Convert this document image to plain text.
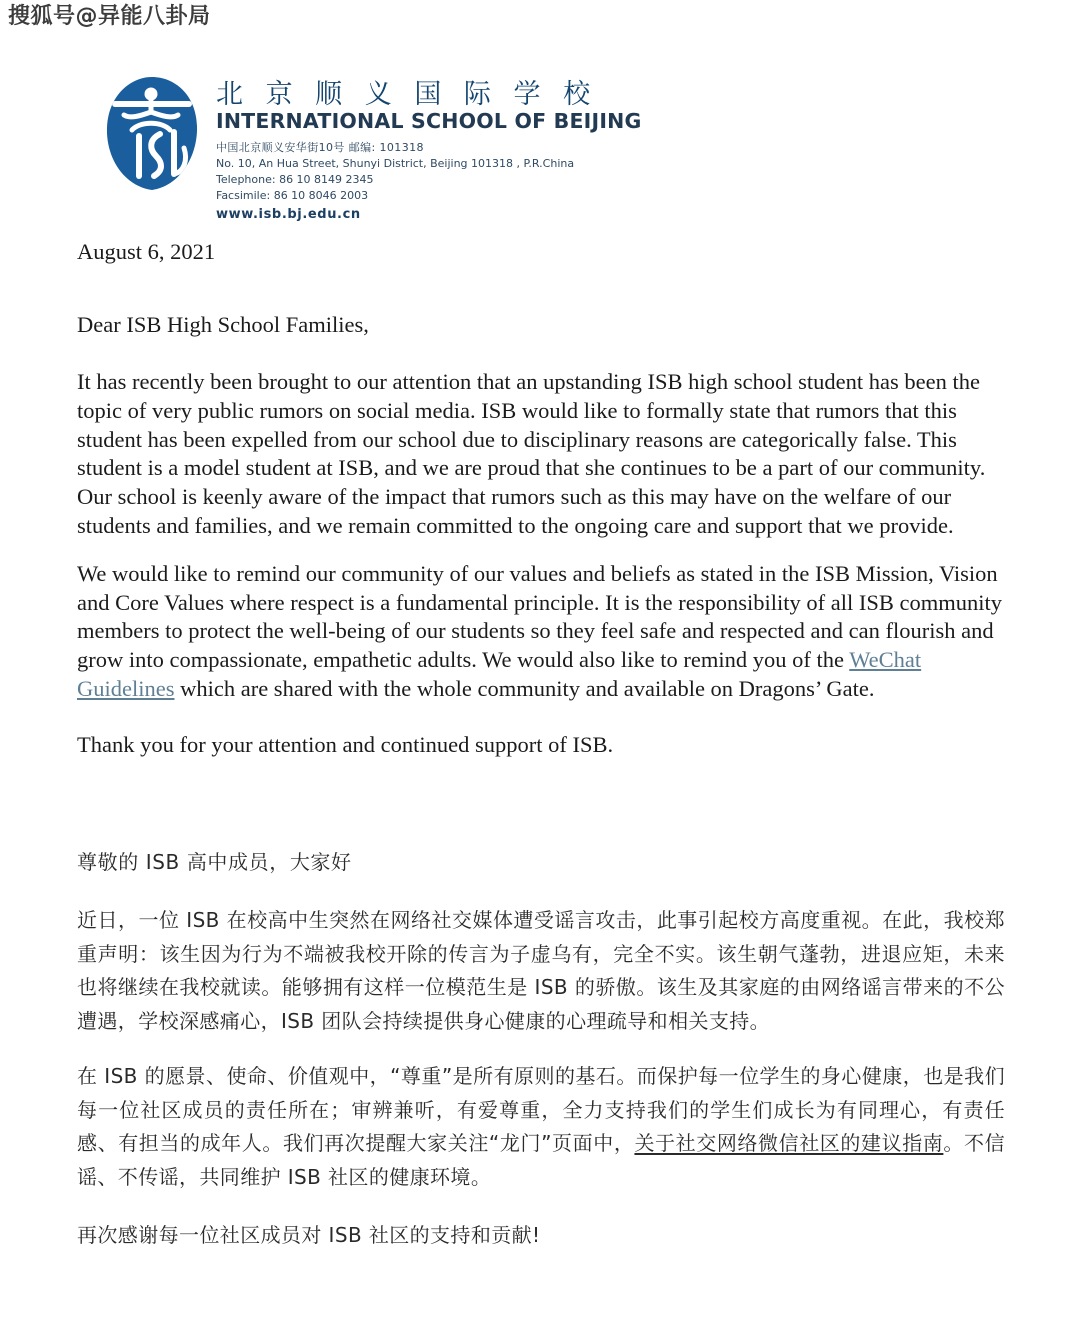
搜狐号@异能八卦局
北 京 顺 义 国 际 学 校
INTERNATIONAL SCHOOL OF BEIJING
中国北京顺义安华街10号 邮编: 101318
No. 10, An Hua Street, Shunyi District, Beijing 101318 , P.R.China
Telephone: 86 10 8149 2345
Facsimile: 86 10 8046 2003
www.isb.bj.edu.cn

August 6, 2021

Dear ISB High School Families,

It has recently been brought to our attention that an upstanding ISB high school student has been the topic of very public rumors on social media. ISB would like to formally state that rumors that this student has been expelled from our school due to disciplinary reasons are categorically false. This student is a model student at ISB, and we are proud that she continues to be a part of our community. Our school is keenly aware of the impact that rumors such as this may have on the welfare of our students and families, and we remain committed to the ongoing care and support that we provide.

We would like to remind our community of our values and beliefs as stated in the ISB Mission, Vision and Core Values where respect is a fundamental principle. It is the responsibility of all ISB community members to protect the well-being of our students so they feel safe and respected and can flourish and grow into compassionate, empathetic adults. We would also like to remind you of the WeChat Guidelines which are shared with the whole community and available on Dragons’ Gate.

Thank you for your attention and continued support of ISB.

尊敬的 ISB 高中成员，大家好

近日，一位 ISB 在校高中生突然在网络社交媒体遭受谣言攻击，此事引起校方高度重视。在此，我校郑重声明：该生因为行为不端被我校开除的传言为子虚乌有，完全不实。该生朝气蓬勃，进退应矩，未来也将继续在我校就读。能够拥有这样一位模范生是 ISB 的骄傲。该生及其家庭的由网络谣言带来的不公遭遇，学校深感痛心，ISB 团队会持续提供身心健康的心理疏导和相关支持。

在 ISB 的愿景、使命、价值观中，“尊重”是所有原则的基石。而保护每一位学生的身心健康，也是我们每一位社区成员的责任所在；审辨兼听，有爱尊重，全力支持我们的学生们成长为有同理心，有责任感、有担当的成年人。我们再次提醒大家关注“龙门”页面中，关于社交网络微信社区的建议指南。不信谣、不传谣，共同维护 ISB 社区的健康环境。

再次感谢每一位社区成员对 ISB 社区的支持和贡献!
